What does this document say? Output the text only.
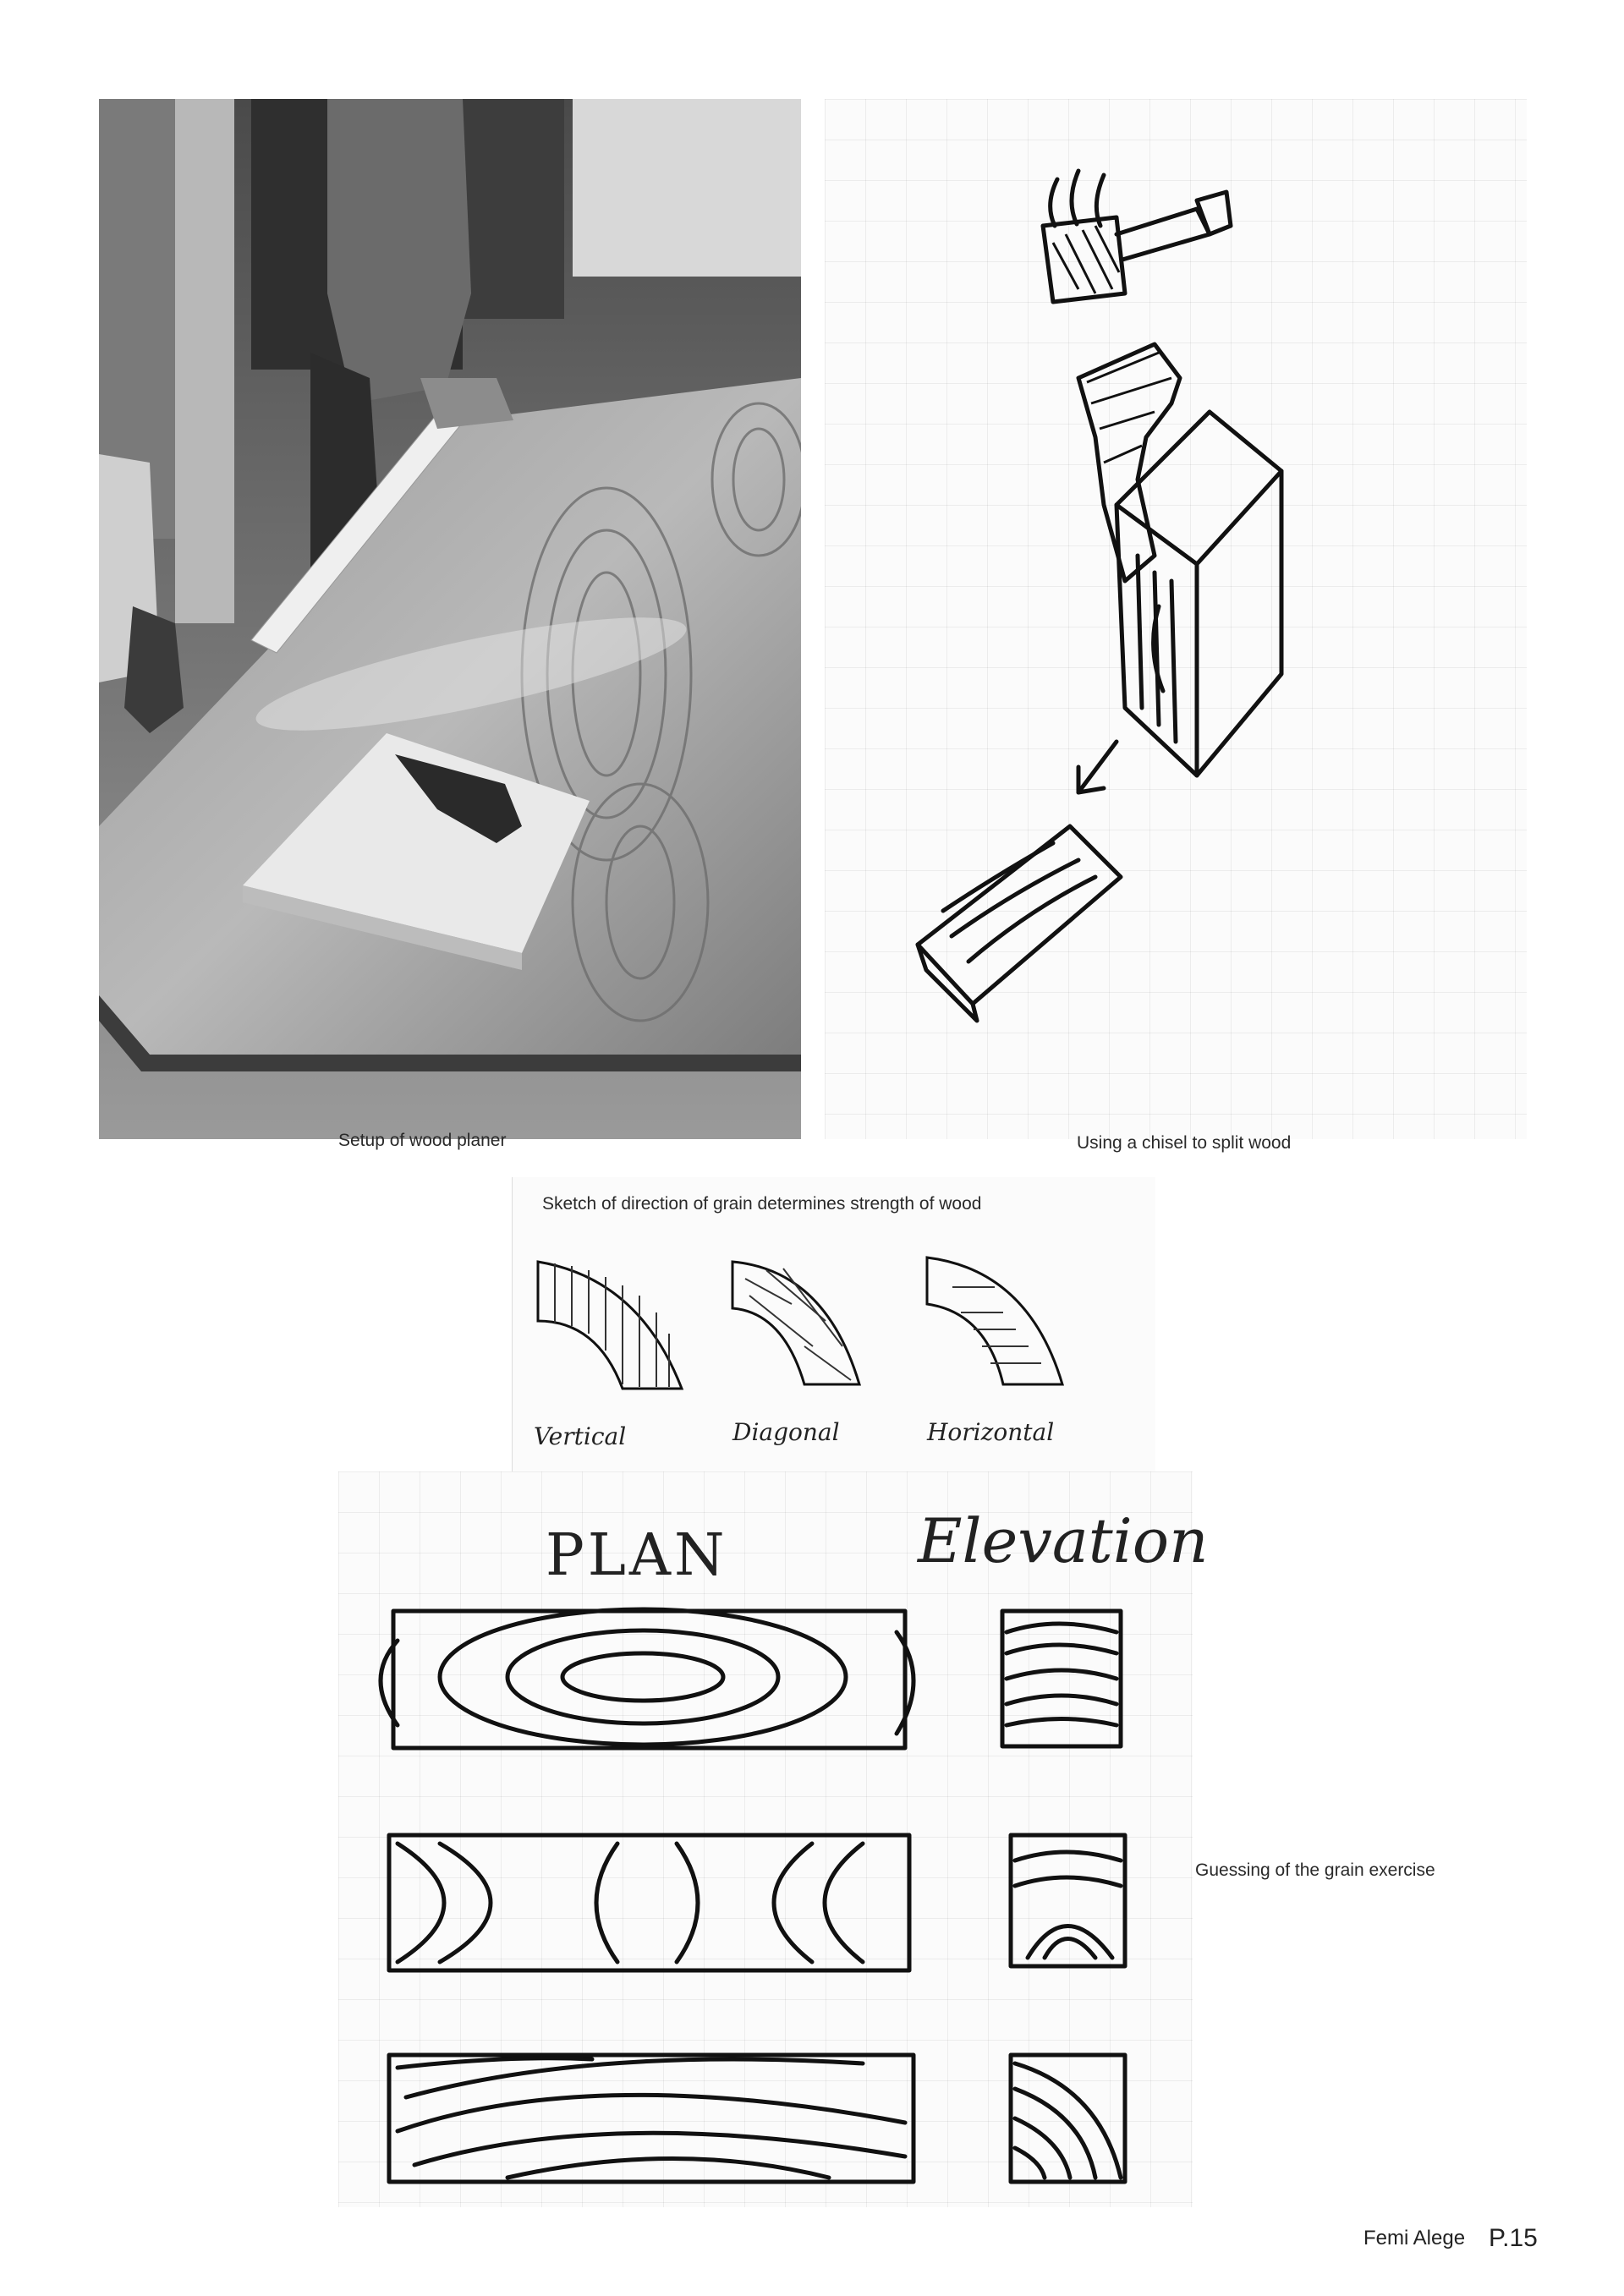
Setup of wood planer	Using a chisel to split wood
Sketch of direction of grain determines strength of wood
Vertical	Diagonal	Horizontal
PLAN	Elevation
Guessing of the grain exercise
Femi Alege P.15
